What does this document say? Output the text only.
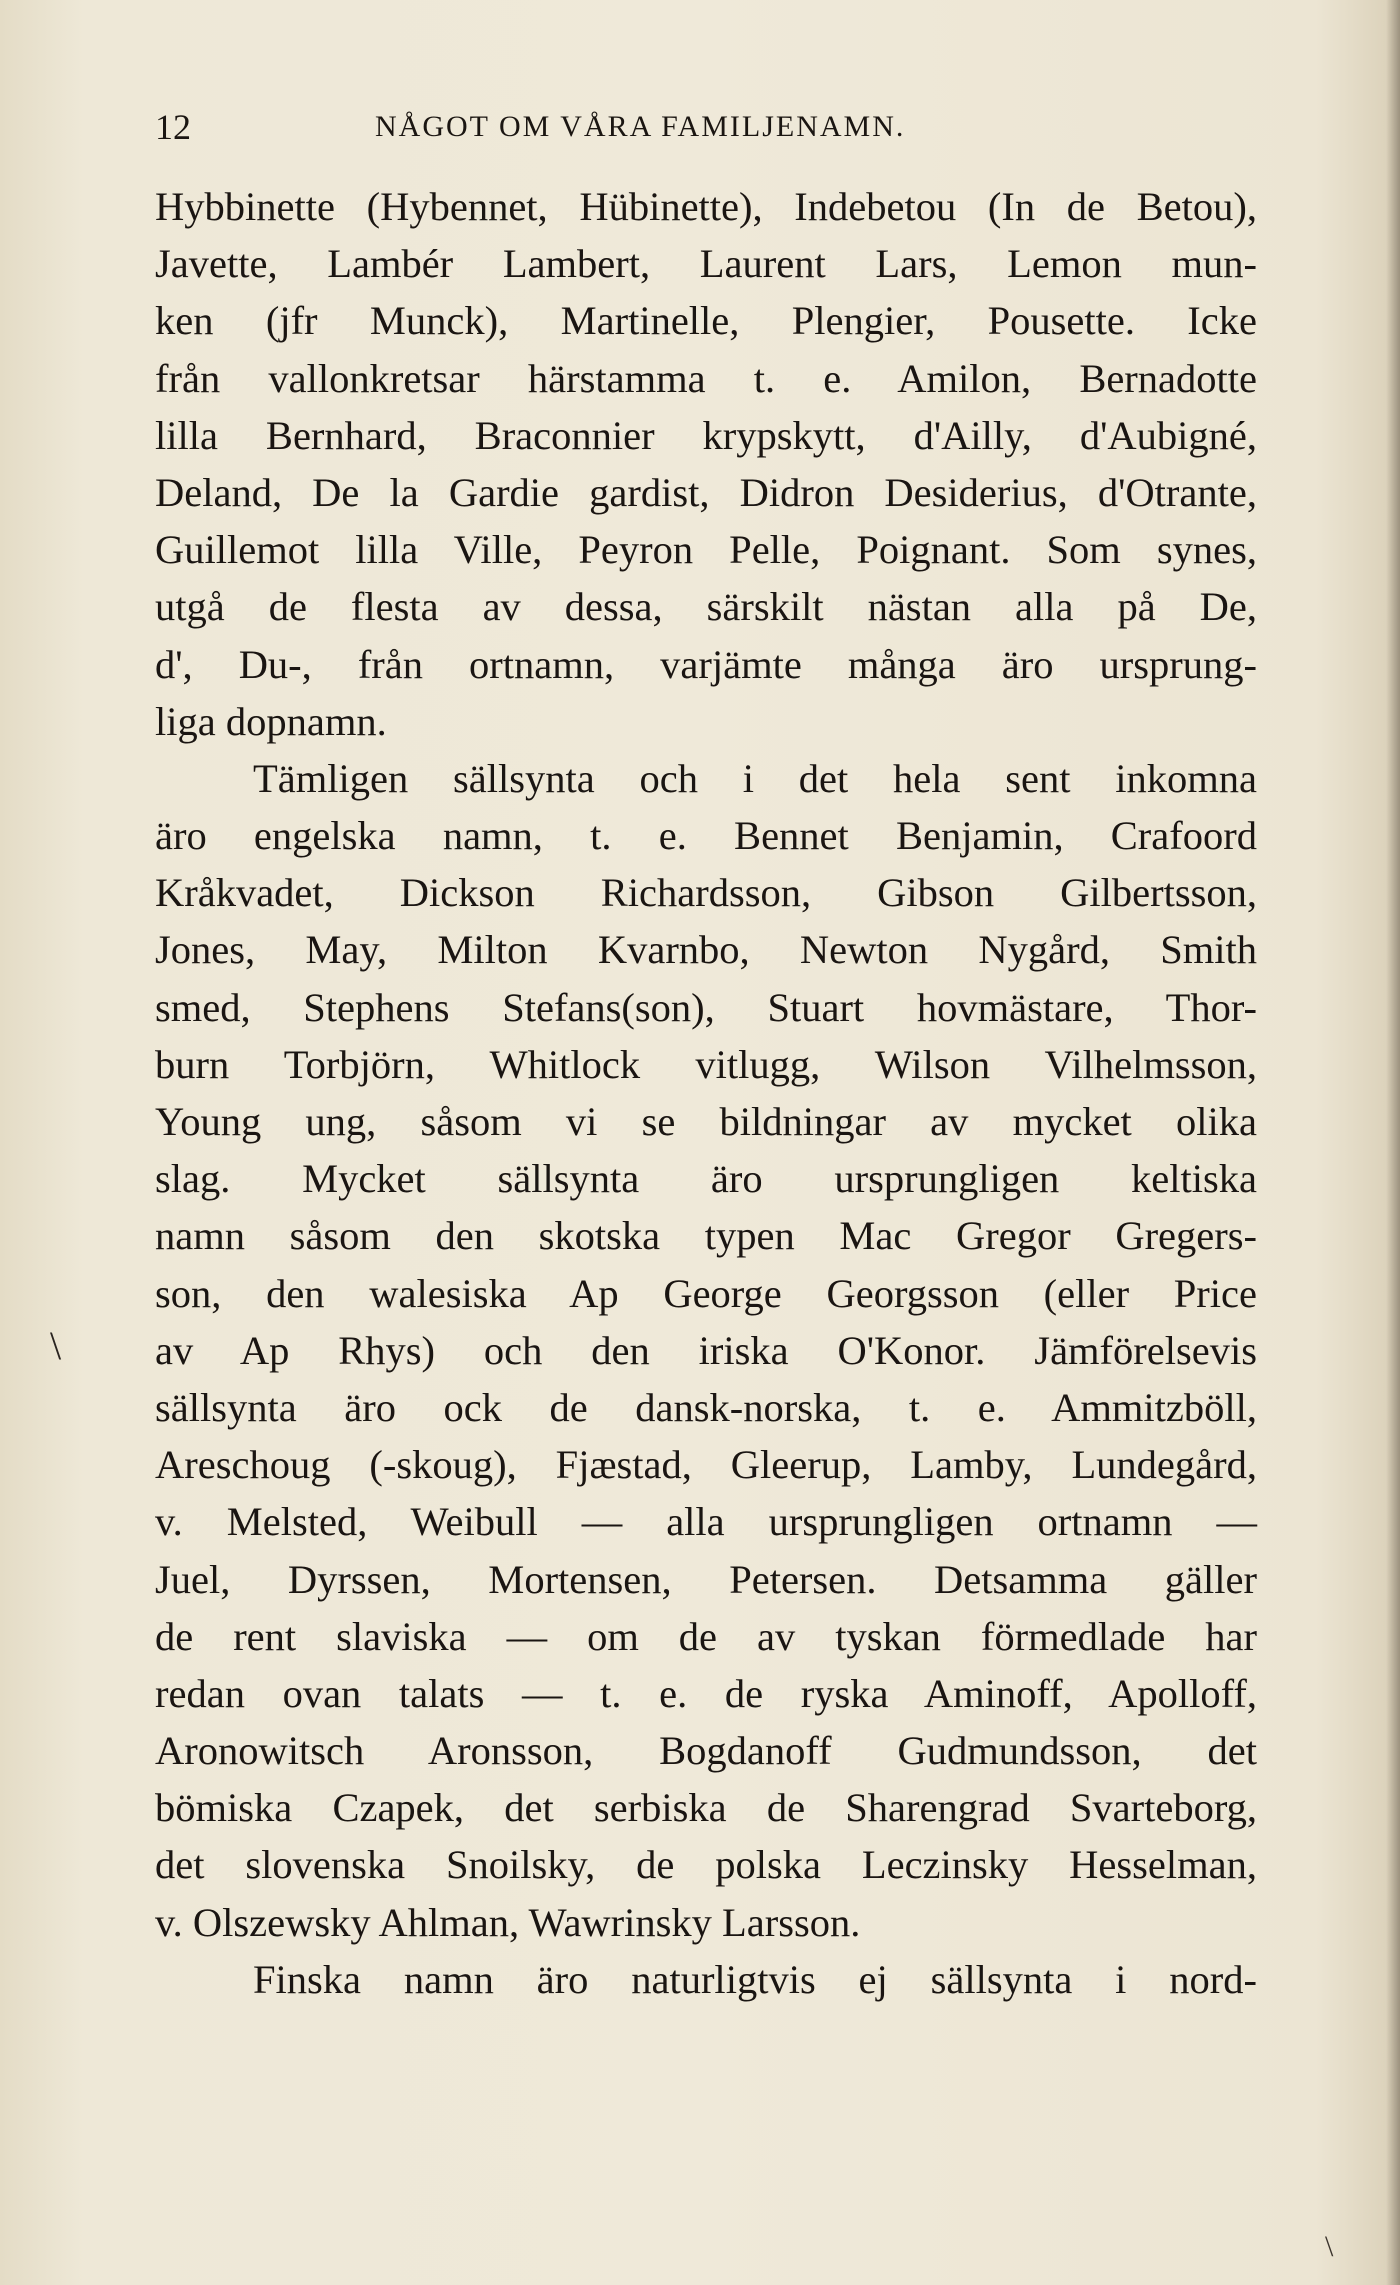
12	NÅGOT OM VÅRA FAMILJENAMN.
Hybbinette (Hybennet, Hübinette), Indebetou (In de Betou),
Javette, Lambér Lambert, Laurent Lars, Lemon mun-
ken (jfr Munck), Martinelle, Plengier, Pousette. Icke
från vallonkretsar härstamma t. e. Amilon, Bernadotte
lilla Bernhard, Braconnier krypskytt, d'Ailly, d'Aubigné,
Deland, De la Gardie gardist, Didron Desiderius, d'Otrante,
Guillemot lilla Ville, Peyron Pelle, Poignant. Som synes,
utgå de flesta av dessa, särskilt nästan alla på De,
d', Du-, från ortnamn, varjämte många äro ursprung-
liga dopnamn.
Tämligen sällsynta och i det hela sent inkomna
äro engelska namn, t. e. Bennet Benjamin, Crafoord
Kråkvadet, Dickson Richardsson, Gibson Gilbertsson,
Jones, May, Milton Kvarnbo, Newton Nygård, Smith
smed, Stephens Stefans(son), Stuart hovmästare, Thor-
burn Torbjörn, Whitlock vitlugg, Wilson Vilhelmsson,
Young ung, såsom vi se bildningar av mycket olika
slag. Mycket sällsynta äro ursprungligen keltiska
namn såsom den skotska typen Mac Gregor Gregers-
son, den walesiska Ap George Georgsson (eller Price
av Ap Rhys) och den iriska O'Konor. Jämförelsevis
sällsynta äro ock de dansk-norska, t. e. Ammitzböll,
Areschoug (-skoug), Fjæstad, Gleerup, Lamby, Lundegård,
v. Melsted, Weibull — alla ursprungligen ortnamn —
Juel, Dyrssen, Mortensen, Petersen. Detsamma gäller
de rent slaviska — om de av tyskan förmedlade har
redan ovan talats — t. e. de ryska Aminoff, Apolloff,
Aronowitsch Aronsson, Bogdanoff Gudmundsson, det
bömiska Czapek, det serbiska de Sharengrad Svarteborg,
det slovenska Snoilsky, de polska Leczinsky Hesselman,
v. Olszewsky Ahlman, Wawrinsky Larsson.
Finska namn äro naturligtvis ej sällsynta i nord-
\
\
